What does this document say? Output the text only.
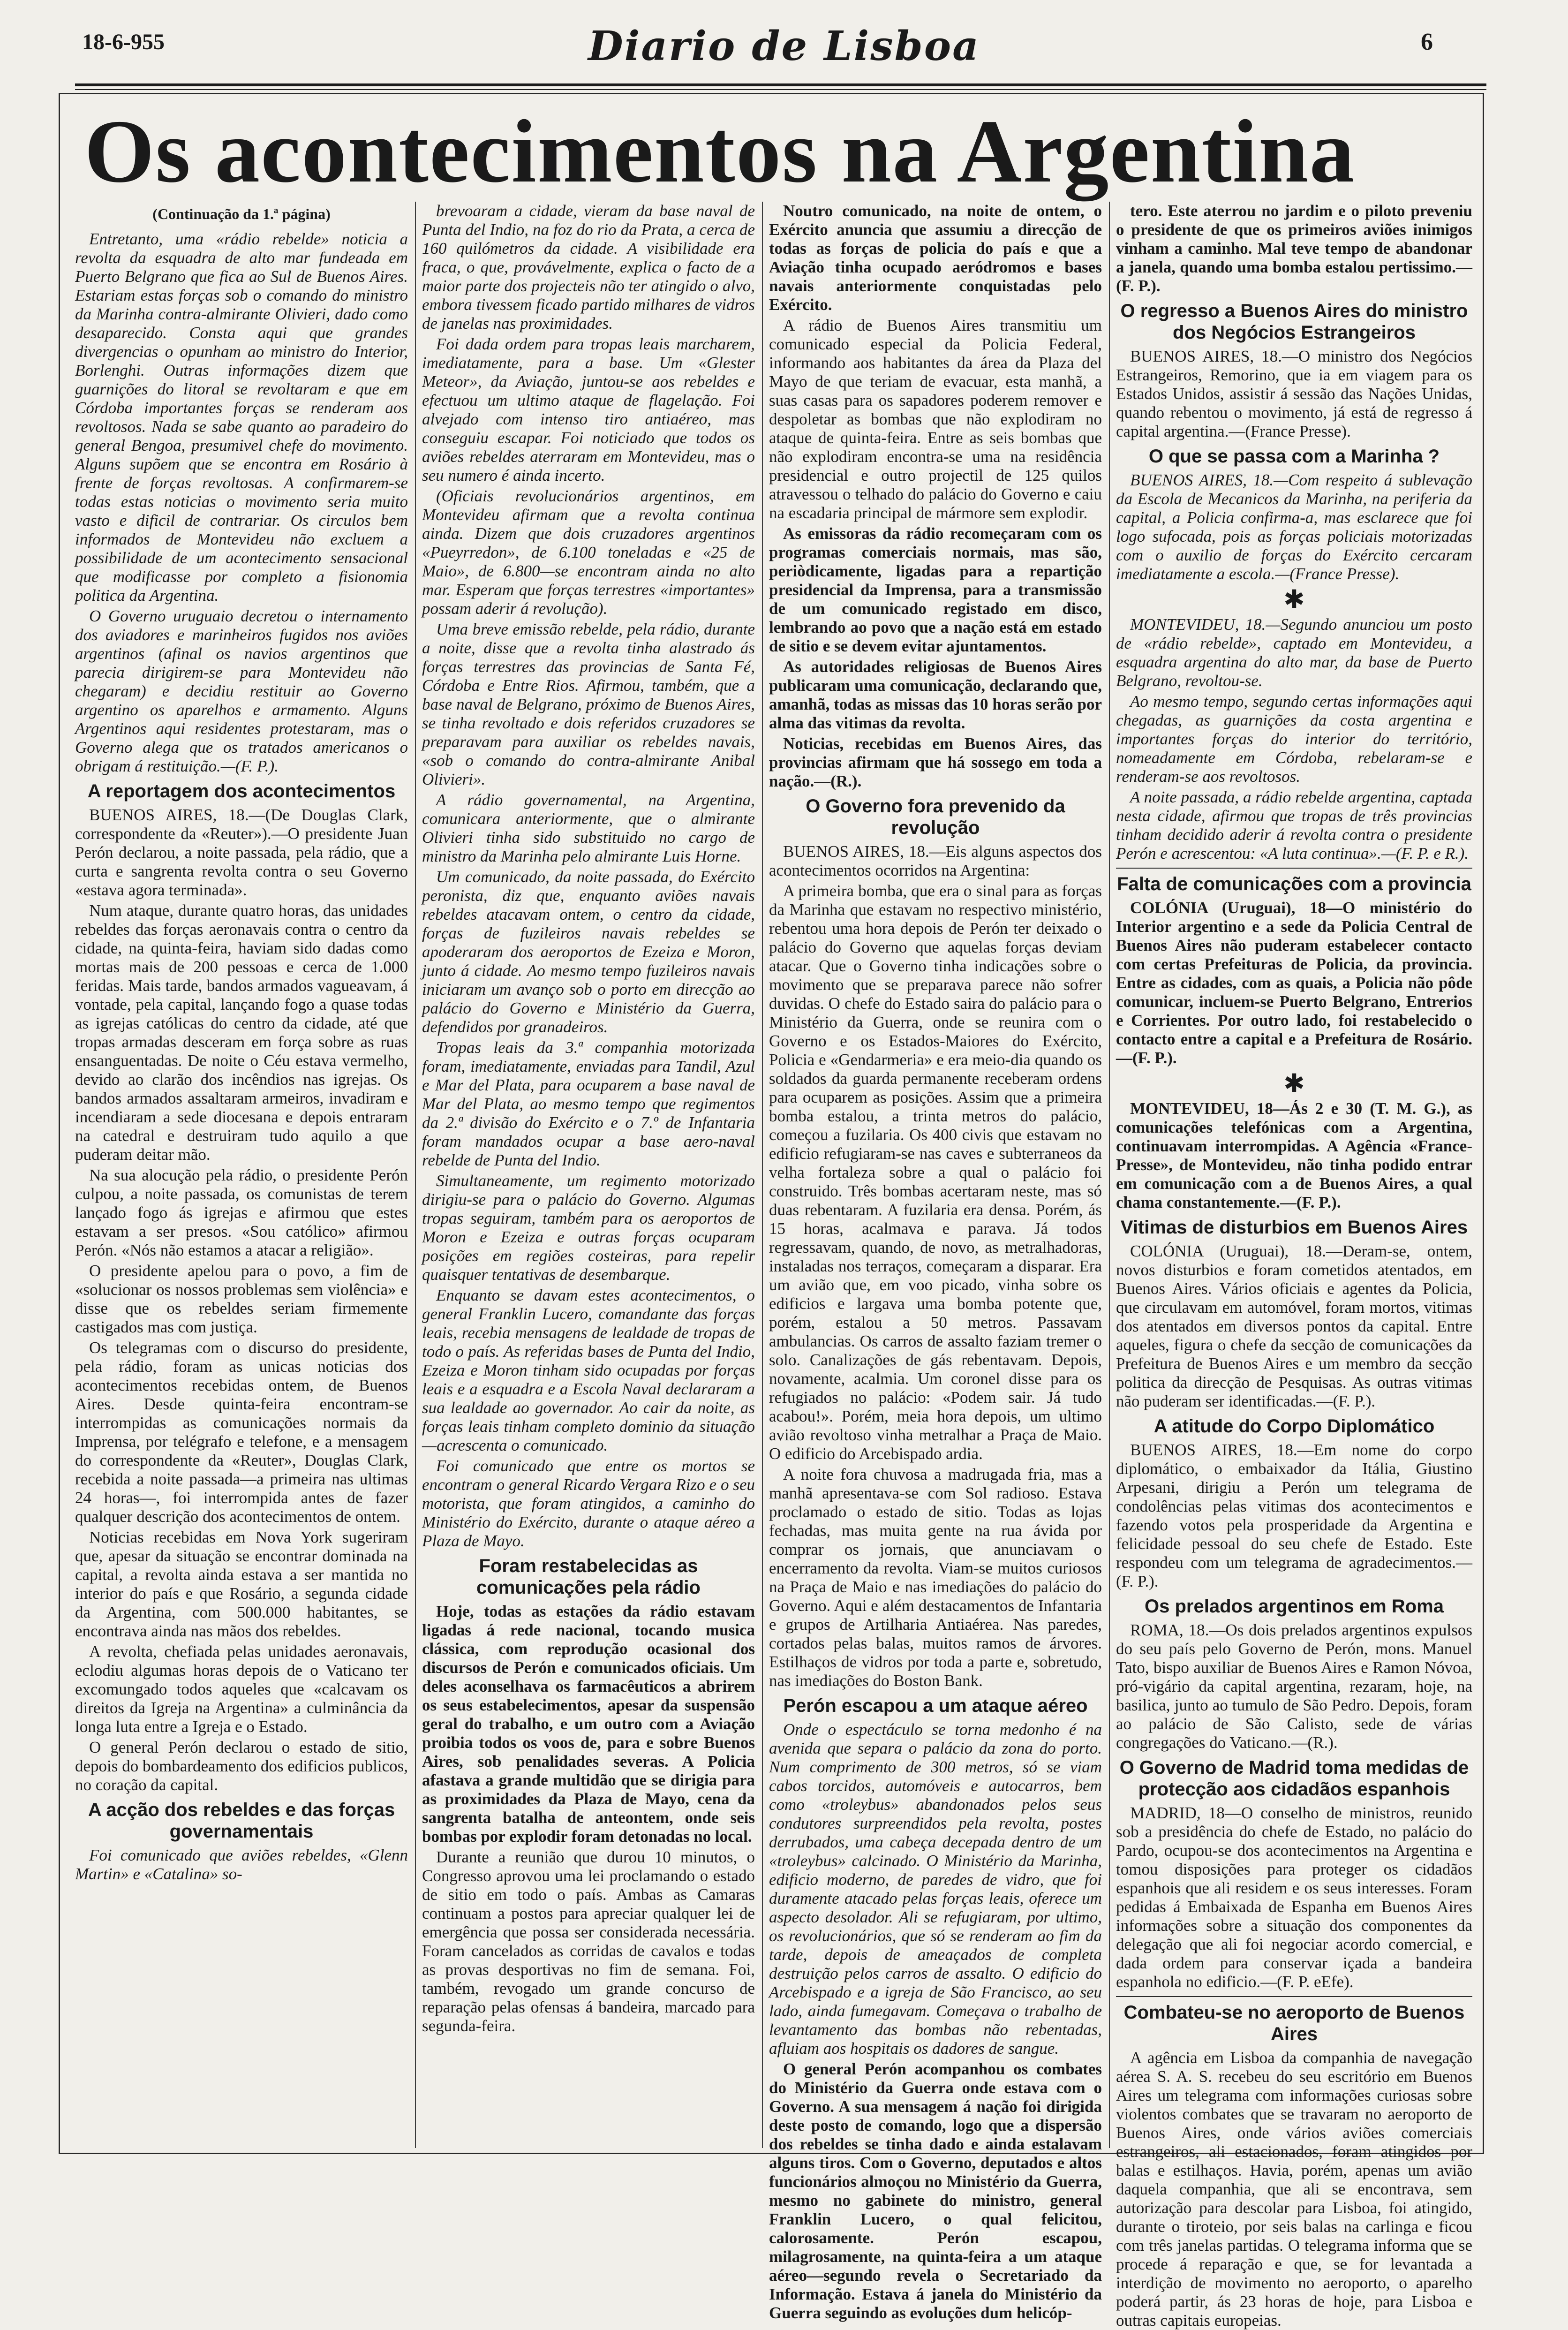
18-6-955	Diario de Lisboa	6
Os acontecimentos na Argentina
(Continuação da 1.ª página)

Entretanto, uma «rádio rebelde» noticia a revolta da esquadra de alto mar fundeada em Puerto Belgrano que fica ao Sul de Buenos Aires. Estariam estas forças sob o comando do ministro da Marinha contra-almirante Olivieri, dado como desaparecido. Consta aqui que grandes divergencias o opunham ao ministro do Interior, Borlenghi. Outras informações dizem que guarnições do litoral se revoltaram e que em Córdoba importantes forças se renderam aos revoltosos. Nada se sabe quanto ao paradeiro do general Bengoa, presumivel chefe do movimento. Alguns supõem que se encontra em Rosário à frente de forças revoltosas. A confirmarem-se todas estas noticias o movimento seria muito vasto e dificil de contrariar. Os circulos bem informados de Montevideu não excluem a possibilidade de um acontecimento sensacional que modificasse por completo a fisionomia politica da Argentina.

O Governo uruguaio decretou o internamento dos aviadores e marinheiros fugidos nos aviões argentinos (afinal os navios argentinos que parecia dirigirem-se para Montevideu não chegaram) e decidiu restituir ao Governo argentino os aparelhos e armamento. Alguns Argentinos aqui residentes protestaram, mas o Governo alega que os tratados americanos o obrigam á restituição.—(F. P.).

A reportagem dos acontecimentos

BUENOS AIRES, 18.—(De Douglas Clark, correspondente da «Reuter»).—O presidente Juan Perón declarou, a noite passada, pela rádio, que a curta e sangrenta revolta contra o seu Governo «estava agora terminada».

Num ataque, durante quatro horas, das unidades rebeldes das forças aeronavais contra o centro da cidade, na quinta-feira, haviam sido dadas como mortas mais de 200 pessoas e cerca de 1.000 feridas. Mais tarde, bandos armados vagueavam, á vontade, pela capital, lançando fogo a quase todas as igrejas católicas do centro da cidade, até que tropas armadas desceram em força sobre as ruas ensanguentadas. De noite o Céu estava vermelho, devido ao clarão dos incêndios nas igrejas. Os bandos armados assaltaram armeiros, invadiram e incendiaram a sede diocesana e depois entraram na catedral e destruiram tudo aquilo a que puderam deitar mão.

Na sua alocução pela rádio, o presidente Perón culpou, a noite passada, os comunistas de terem lançado fogo ás igrejas e afirmou que estes estavam a ser presos. «Sou católico» afirmou Perón. «Nós não estamos a atacar a religião».

O presidente apelou para o povo, a fim de «solucionar os nossos problemas sem violência» e disse que os rebeldes seriam firmemente castigados mas com justiça.

Os telegramas com o discurso do presidente, pela rádio, foram as unicas noticias dos acontecimentos recebidas ontem, de Buenos Aires. Desde quinta-feira encontram-se interrompidas as comunicações normais da Imprensa, por telégrafo e telefone, e a mensagem do correspondente da «Reuter», Douglas Clark, recebida a noite passada—a primeira nas ultimas 24 horas—, foi interrompida antes de fazer qualquer descrição dos acontecimentos de ontem.

Noticias recebidas em Nova York sugeriram que, apesar da situação se encontrar dominada na capital, a revolta ainda estava a ser mantida no interior do país e que Rosário, a segunda cidade da Argentina, com 500.000 habitantes, se encontrava ainda nas mãos dos rebeldes.

A revolta, chefiada pelas unidades aeronavais, eclodiu algumas horas depois de o Vaticano ter excomungado todos aqueles que «calcavam os direitos da Igreja na Argentina» a culminância da longa luta entre a Igreja e o Estado.

O general Perón declarou o estado de sitio, depois do bombardeamento dos edificios publicos, no coração da capital.

A acção dos rebeldes e das forças governamentais

Foi comunicado que aviões rebeldes, «Glenn Martin» e «Catalina» so-

brevoaram a cidade, vieram da base naval de Punta del Indio, na foz do rio da Prata, a cerca de 160 quilómetros da cidade. A visibilidade era fraca, o que, provávelmente, explica o facto de a maior parte dos projecteis não ter atingido o alvo, embora tivessem ficado partido milhares de vidros de janelas nas proximidades.

Foi dada ordem para tropas leais marcharem, imediatamente, para a base. Um «Glester Meteor», da Aviação, juntou-se aos rebeldes e efectuou um ultimo ataque de flagelação. Foi alvejado com intenso tiro antiaéreo, mas conseguiu escapar. Foi noticiado que todos os aviões rebeldes aterraram em Montevideu, mas o seu numero é ainda incerto.

(Oficiais revolucionários argentinos, em Montevideu afirmam que a revolta continua ainda. Dizem que dois cruzadores argentinos «Pueyrredon», de 6.100 toneladas e «25 de Maio», de 6.800—se encontram ainda no alto mar. Esperam que forças terrestres «importantes» possam aderir á revolução).

Uma breve emissão rebelde, pela rádio, durante a noite, disse que a revolta tinha alastrado ás forças terrestres das provincias de Santa Fé, Córdoba e Entre Rios. Afirmou, também, que a base naval de Belgrano, próximo de Buenos Aires, se tinha revoltado e dois referidos cruzadores se preparavam para auxiliar os rebeldes navais, «sob o comando do contra-almirante Anibal Olivieri».

A rádio governamental, na Argentina, comunicara anteriormente, que o almirante Olivieri tinha sido substituido no cargo de ministro da Marinha pelo almirante Luis Horne.

Um comunicado, da noite passada, do Exército peronista, diz que, enquanto aviões navais rebeldes atacavam ontem, o centro da cidade, forças de fuzileiros navais rebeldes se apoderaram dos aeroportos de Ezeiza e Moron, junto á cidade. Ao mesmo tempo fuzileiros navais iniciaram um avanço sob o porto em direcção ao palácio do Governo e Ministério da Guerra, defendidos por granadeiros.

Tropas leais da 3.ª companhia motorizada foram, imediatamente, enviadas para Tandil, Azul e Mar del Plata, para ocuparem a base naval de Mar del Plata, ao mesmo tempo que regimentos da 2.ª divisão do Exército e o 7.º de Infantaria foram mandados ocupar a base aero-naval rebelde de Punta del Indio.

Simultaneamente, um regimento motorizado dirigiu-se para o palácio do Governo. Algumas tropas seguiram, também para os aeroportos de Moron e Ezeiza e outras forças ocuparam posições em regiões costeiras, para repelir quaisquer tentativas de desembarque.

Enquanto se davam estes acontecimentos, o general Franklin Lucero, comandante das forças leais, recebia mensagens de lealdade de tropas de todo o país. As referidas bases de Punta del Indio, Ezeiza e Moron tinham sido ocupadas por forças leais e a esquadra e a Escola Naval declararam a sua lealdade ao governador. Ao cair da noite, as forças leais tinham completo dominio da situação—acrescenta o comunicado.

Foi comunicado que entre os mortos se encontram o general Ricardo Vergara Rizo e o seu motorista, que foram atingidos, a caminho do Ministério do Exército, durante o ataque aéreo a Plaza de Mayo.

Foram restabelecidas as comunicações pela rádio

Hoje, todas as estações da rádio estavam ligadas á rede nacional, tocando musica clássica, com reprodução ocasional dos discursos de Perón e comunicados oficiais. Um deles aconselhava os farmacêuticos a abrirem os seus estabelecimentos, apesar da suspensão geral do trabalho, e um outro com a Aviação proibia todos os voos de, para e sobre Buenos Aires, sob penalidades severas. A Policia afastava a grande multidão que se dirigia para as proximidades da Plaza de Mayo, cena da sangrenta batalha de anteontem, onde seis bombas por explodir foram detonadas no local.

Durante a reunião que durou 10 minutos, o Congresso aprovou uma lei proclamando o estado de sitio em todo o país. Ambas as Camaras continuam a postos para apreciar qualquer lei de emergência que possa ser considerada necessária. Foram cancelados as corridas de cavalos e todas as provas desportivas no fim de semana. Foi, também, revogado um grande concurso de reparação pelas ofensas á bandeira, marcado para segunda-feira.

Noutro comunicado, na noite de ontem, o Exército anuncia que assumiu a direcção de todas as forças de policia do país e que a Aviação tinha ocupado aeródromos e bases navais anteriormente conquistadas pelo Exército.

A rádio de Buenos Aires transmitiu um comunicado especial da Policia Federal, informando aos habitantes da área da Plaza del Mayo de que teriam de evacuar, esta manhã, a suas casas para os sapadores poderem remover e despoletar as bombas que não explodiram no ataque de quinta-feira. Entre as seis bombas que não explodiram encontra-se uma na residência presidencial e outro projectil de 125 quilos atravessou o telhado do palácio do Governo e caiu na escadaria principal de mármore sem explodir.

As emissoras da rádio recomeçaram com os programas comerciais normais, mas são, periòdicamente, ligadas para a repartição presidencial da Imprensa, para a transmissão de um comunicado registado em disco, lembrando ao povo que a nação está em estado de sitio e se devem evitar ajuntamentos.

As autoridades religiosas de Buenos Aires publicaram uma comunicação, declarando que, amanhã, todas as missas das 10 horas serão por alma das vitimas da revolta.

Noticias, recebidas em Buenos Aires, das provincias afirmam que há sossego em toda a nação.—(R.).

O Governo fora prevenido da revolução

BUENOS AIRES, 18.—Eis alguns aspectos dos acontecimentos ocorridos na Argentina:

A primeira bomba, que era o sinal para as forças da Marinha que estavam no respectivo ministério, rebentou uma hora depois de Perón ter deixado o palácio do Governo que aquelas forças deviam atacar. Que o Governo tinha indicações sobre o movimento que se preparava parece não sofrer duvidas. O chefe do Estado saira do palácio para o Ministério da Guerra, onde se reunira com o Governo e os Estados-Maiores do Exército, Policia e «Gendarmeria» e era meio-dia quando os soldados da guarda permanente receberam ordens para ocuparem as posições. Assim que a primeira bomba estalou, a trinta metros do palácio, começou a fuzilaria. Os 400 civis que estavam no edificio refugiaram-se nas caves e subterraneos da velha fortaleza sobre a qual o palácio foi construido. Três bombas acertaram neste, mas só duas rebentaram. A fuzilaria era densa. Porém, ás 15 horas, acalmava e parava. Já todos regressavam, quando, de novo, as metralhadoras, instaladas nos terraços, começaram a disparar. Era um avião que, em voo picado, vinha sobre os edificios e largava uma bomba potente que, porém, estalou a 50 metros. Passavam ambulancias. Os carros de assalto faziam tremer o solo. Canalizações de gás rebentavam. Depois, novamente, acalmia. Um coronel disse para os refugiados no palácio: «Podem sair. Já tudo acabou!». Porém, meia hora depois, um ultimo avião revoltoso vinha metralhar a Praça de Maio. O edificio do Arcebispado ardia.

A noite fora chuvosa a madrugada fria, mas a manhã apresentava-se com Sol radioso. Estava proclamado o estado de sitio. Todas as lojas fechadas, mas muita gente na rua ávida por comprar os jornais, que anunciavam o encerramento da revolta. Viam-se muitos curiosos na Praça de Maio e nas imediações do palácio do Governo. Aqui e além destacamentos de Infantaria e grupos de Artilharia Antiaérea. Nas paredes, cortados pelas balas, muitos ramos de árvores. Estilhaços de vidros por toda a parte e, sobretudo, nas imediações do Boston Bank.

Perón escapou a um ataque aéreo

Onde o espectáculo se torna medonho é na avenida que separa o palácio da zona do porto. Num comprimento de 300 metros, só se viam cabos torcidos, automóveis e autocarros, bem como «troleybus» abandonados pelos seus condutores surpreendidos pela revolta, postes derrubados, uma cabeça decepada dentro de um «troleybus» calcinado. O Ministério da Marinha, edificio moderno, de paredes de vidro, que foi duramente atacado pelas forças leais, oferece um aspecto desolador. Ali se refugiaram, por ultimo, os revolucionários, que só se renderam ao fim da tarde, depois de ameaçados de completa destruição pelos carros de assalto. O edificio do Arcebispado e a igreja de São Francisco, ao seu lado, ainda fumegavam. Começava o trabalho de levantamento das bombas não rebentadas, afluiam aos hospitais os dadores de sangue.

O general Perón acompanhou os combates do Ministério da Guerra onde estava com o Governo. A sua mensagem á nação foi dirigida deste posto de comando, logo que a dispersão dos rebeldes se tinha dado e ainda estalavam alguns tiros. Com o Governo, deputados e altos funcionários almoçou no Ministério da Guerra, mesmo no gabinete do ministro, general Franklin Lucero, o qual felicitou, calorosamente. Perón escapou, milagrosamente, na quinta-feira a um ataque aéreo—segundo revela o Secretariado da Informação. Estava á janela do Ministério da Guerra seguindo as evoluções dum helicóp-

tero. Este aterrou no jardim e o piloto preveniu o presidente de que os primeiros aviões inimigos vinham a caminho. Mal teve tempo de abandonar a janela, quando uma bomba estalou pertissimo.—(F. P.).

O regresso a Buenos Aires do ministro dos Negócios Estrangeiros

BUENOS AIRES, 18.—O ministro dos Negócios Estrangeiros, Remorino, que ia em viagem para os Estados Unidos, assistir á sessão das Nações Unidas, quando rebentou o movimento, já está de regresso á capital argentina.—(France Presse).

O que se passa com a Marinha ?

BUENOS AIRES, 18.—Com respeito á sublevação da Escola de Mecanicos da Marinha, na periferia da capital, a Policia confirma-a, mas esclarece que foi logo sufocada, pois as forças policiais motorizadas com o auxilio de forças do Exército cercaram imediatamente a escola.—(France Presse).

✱

MONTEVIDEU, 18.—Segundo anunciou um posto de «rádio rebelde», captado em Montevideu, a esquadra argentina do alto mar, da base de Puerto Belgrano, revoltou-se.

Ao mesmo tempo, segundo certas informações aqui chegadas, as guarnições da costa argentina e importantes forças do interior do território, nomeadamente em Córdoba, rebelaram-se e renderam-se aos revoltosos.

A noite passada, a rádio rebelde argentina, captada nesta cidade, afirmou que tropas de três provincias tinham decidido aderir á revolta contra o presidente Perón e acrescentou: «A luta continua».—(F. P. e R.).

Falta de comunicações com a provincia

COLÓNIA (Uruguai), 18—O ministério do Interior argentino e a sede da Policia Central de Buenos Aires não puderam estabelecer contacto com certas Prefeituras de Policia, da provincia. Entre as cidades, com as quais, a Policia não pôde comunicar, incluem-se Puerto Belgrano, Entrerios e Corrientes. Por outro lado, foi restabelecido o contacto entre a capital e a Prefeitura de Rosário.—(F. P.).

✱

MONTEVIDEU, 18—Ás 2 e 30 (T. M. G.), as comunicações telefónicas com a Argentina, continuavam interrompidas. A Agência «France-Presse», de Montevideu, não tinha podido entrar em comunicação com a de Buenos Aires, a qual chama constantemente.—(F. P.).

Vitimas de disturbios em Buenos Aires

COLÓNIA (Uruguai), 18.—Deram-se, ontem, novos disturbios e foram cometidos atentados, em Buenos Aires. Vários oficiais e agentes da Policia, que circulavam em automóvel, foram mortos, vitimas dos atentados em diversos pontos da capital. Entre aqueles, figura o chefe da secção de comunicações da Prefeitura de Buenos Aires e um membro da secção politica da direcção de Pesquisas. As outras vitimas não puderam ser identificadas.—(F. P.).

A atitude do Corpo Diplomático

BUENOS AIRES, 18.—Em nome do corpo diplomático, o embaixador da Itália, Giustino Arpesani, dirigiu a Perón um telegrama de condolências pelas vitimas dos acontecimentos e fazendo votos pela prosperidade da Argentina e felicidade pessoal do seu chefe de Estado. Este respondeu com um telegrama de agradecimentos.—(F. P.).

Os prelados argentinos em Roma

ROMA, 18.—Os dois prelados argentinos expulsos do seu país pelo Governo de Perón, mons. Manuel Tato, bispo auxiliar de Buenos Aires e Ramon Nóvoa, pró-vigário da capital argentina, rezaram, hoje, na basilica, junto ao tumulo de São Pedro. Depois, foram ao palácio de São Calisto, sede de várias congregações do Vaticano.—(R.).

O Governo de Madrid toma medidas de protecção aos cidadãos espanhois

MADRID, 18—O conselho de ministros, reunido sob a presidência do chefe de Estado, no palácio do Pardo, ocupou-se dos acontecimentos na Argentina e tomou disposições para proteger os cidadãos espanhois que ali residem e os seus interesses. Foram pedidas á Embaixada de Espanha em Buenos Aires informações sobre a situação dos componentes da delegação que ali foi negociar acordo comercial, e dada ordem para conservar içada a bandeira espanhola no edificio.—(F. P. eEfe).

Combateu-se no aeroporto de Buenos Aires

A agência em Lisboa da companhia de navegação aérea S. A. S. recebeu do seu escritório em Buenos Aires um telegrama com informações curiosas sobre violentos combates que se travaram no aeroporto de Buenos Aires, onde vários aviões comerciais estrangeiros, ali estacionados, foram atingidos por balas e estilhaços. Havia, porém, apenas um avião daquela companhia, que ali se encontrava, sem autorização para descolar para Lisboa, foi atingido, durante o tiroteio, por seis balas na carlinga e ficou com três janelas partidas. O telegrama informa que se procede á reparação e que, se for levantada a interdição de movimento no aeroporto, o aparelho poderá partir, ás 23 horas de hoje, para Lisboa e outras capitais europeias.
